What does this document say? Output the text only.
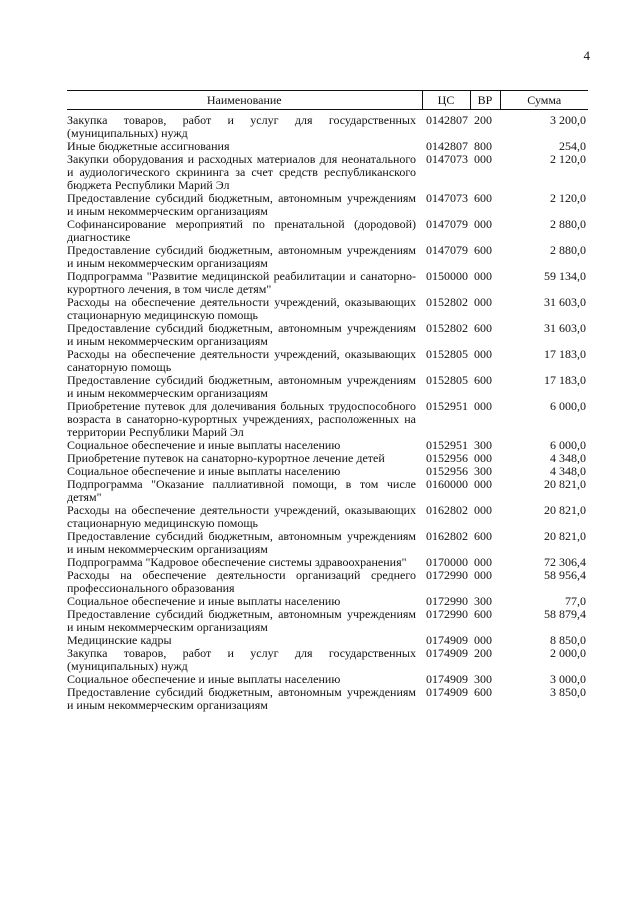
4
Наименование	ЦС	ВР	Сумма
Закупка товаров, работ и услуг для государственных (муниципальных) нужд	0142807	200	3 200,0
Иные бюджетные ассигнования	0142807	800	254,0
Закупки оборудования и расходных материалов для неонатального и аудиологического скрининга за счет средств республиканского бюджета Республики Марий Эл	0147073	000	2 120,0
Предоставление субсидий бюджетным, автономным учреждениям и иным некоммерческим организациям	0147073	600	2 120,0
Софинансирование мероприятий по пренатальной (дородовой) диагностике	0147079	000	2 880,0
Предоставление субсидий бюджетным, автономным учреждениям и иным некоммерческим организациям	0147079	600	2 880,0
Подпрограмма "Развитие медицинской реабилитации и санаторно-курортного лечения, в том числе детям"	0150000	000	59 134,0
Расходы на обеспечение деятельности учреждений, оказывающих стационарную медицинскую помощь	0152802	000	31 603,0
Предоставление субсидий бюджетным, автономным учреждениям и иным некоммерческим организациям	0152802	600	31 603,0
Расходы на обеспечение деятельности учреждений, оказывающих санаторную помощь	0152805	000	17 183,0
Предоставление субсидий бюджетным, автономным учреждениям и иным некоммерческим организациям	0152805	600	17 183,0
Приобретение путевок для долечивания больных трудоспособного возраста в санаторно-курортных учреждениях, расположенных на территории Республики Марий Эл	0152951	000	6 000,0
Социальное обеспечение и иные выплаты населению	0152951	300	6 000,0
Приобретение путевок на санаторно-курортное лечение детей	0152956	000	4 348,0
Социальное обеспечение и иные выплаты населению	0152956	300	4 348,0
Подпрограмма "Оказание паллиативной помощи, в том числе детям"	0160000	000	20 821,0
Расходы на обеспечение деятельности учреждений, оказывающих стационарную медицинскую помощь	0162802	000	20 821,0
Предоставление субсидий бюджетным, автономным учреждениям и иным некоммерческим организациям	0162802	600	20 821,0
Подпрограмма "Кадровое обеспечение системы здравоохранения"	0170000	000	72 306,4
Расходы на обеспечение деятельности организаций среднего профессионального образования	0172990	000	58 956,4
Социальное обеспечение и иные выплаты населению	0172990	300	77,0
Предоставление субсидий бюджетным, автономным учреждениям и иным некоммерческим организациям	0172990	600	58 879,4
Медицинские кадры	0174909	000	8 850,0
Закупка товаров, работ и услуг для государственных (муниципальных) нужд	0174909	200	2 000,0
Социальное обеспечение и иные выплаты населению	0174909	300	3 000,0
Предоставление субсидий бюджетным, автономным учреждениям и иным некоммерческим организациям	0174909	600	3 850,0
